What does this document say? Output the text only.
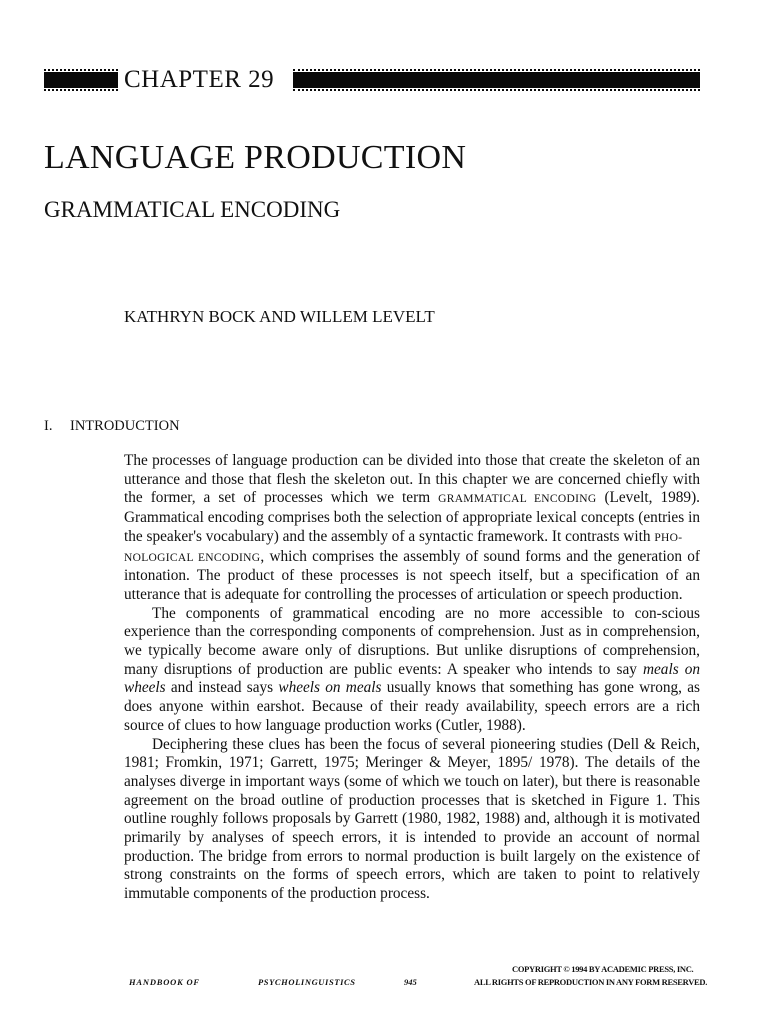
CHAPTER 29
LANGUAGE PRODUCTION
GRAMMATICAL ENCODING
KATHRYN BOCK AND WILLEM LEVELT
I. INTRODUCTION

The processes of language production can be divided into those that create the skeleton of an utterance and those that flesh the skeleton out. In this chapter we are concerned chiefly with the former, a set of processes which we term GRAMMATICAL ENCODING (Levelt, 1989). Grammatical encoding comprises both the selection of appropriate lexical concepts (entries in the speaker's vocabulary) and the assembly of a syntactic framework. It contrasts with PHO-
NOLOGICAL ENCODING, which comprises the assembly of sound forms and the generation of intonation. The product of these processes is not speech itself, but a specification of an utterance that is adequate for controlling the processes of articulation or speech production.

The components of grammatical encoding are no more accessible to con-scious experience than the corresponding components of comprehension. Just as in comprehension, we typically become aware only of disruptions. But unlike disruptions of comprehension, many disruptions of production are public events: A speaker who intends to say meals on wheels and instead says wheels on meals usually knows that something has gone wrong, as does anyone within earshot. Because of their ready availability, speech errors are a rich source of clues to how language production works (Cutler, 1988).

Deciphering these clues has been the focus of several pioneering studies (Dell & Reich, 1981; Fromkin, 1971; Garrett, 1975; Meringer & Meyer, 1895/ 1978). The details of the analyses diverge in important ways (some of which we touch on later), but there is reasonable agreement on the broad outline of production processes that is sketched in Figure 1. This outline roughly follows proposals by Garrett (1980, 1982, 1988) and, although it is motivated primarily by analyses of speech errors, it is intended to provide an account of normal production. The bridge from errors to normal production is built largely on the existence of strong constraints on the forms of speech errors, which are taken to point to relatively immutable components of the production process.

COPYRIGHT © 1994 BY ACADEMIC PRESS, INC.
HANDBOOK OF	PSYCHOLINGUISTICS	945	ALL RIGHTS OF REPRODUCTION IN ANY FORM RESERVED.
